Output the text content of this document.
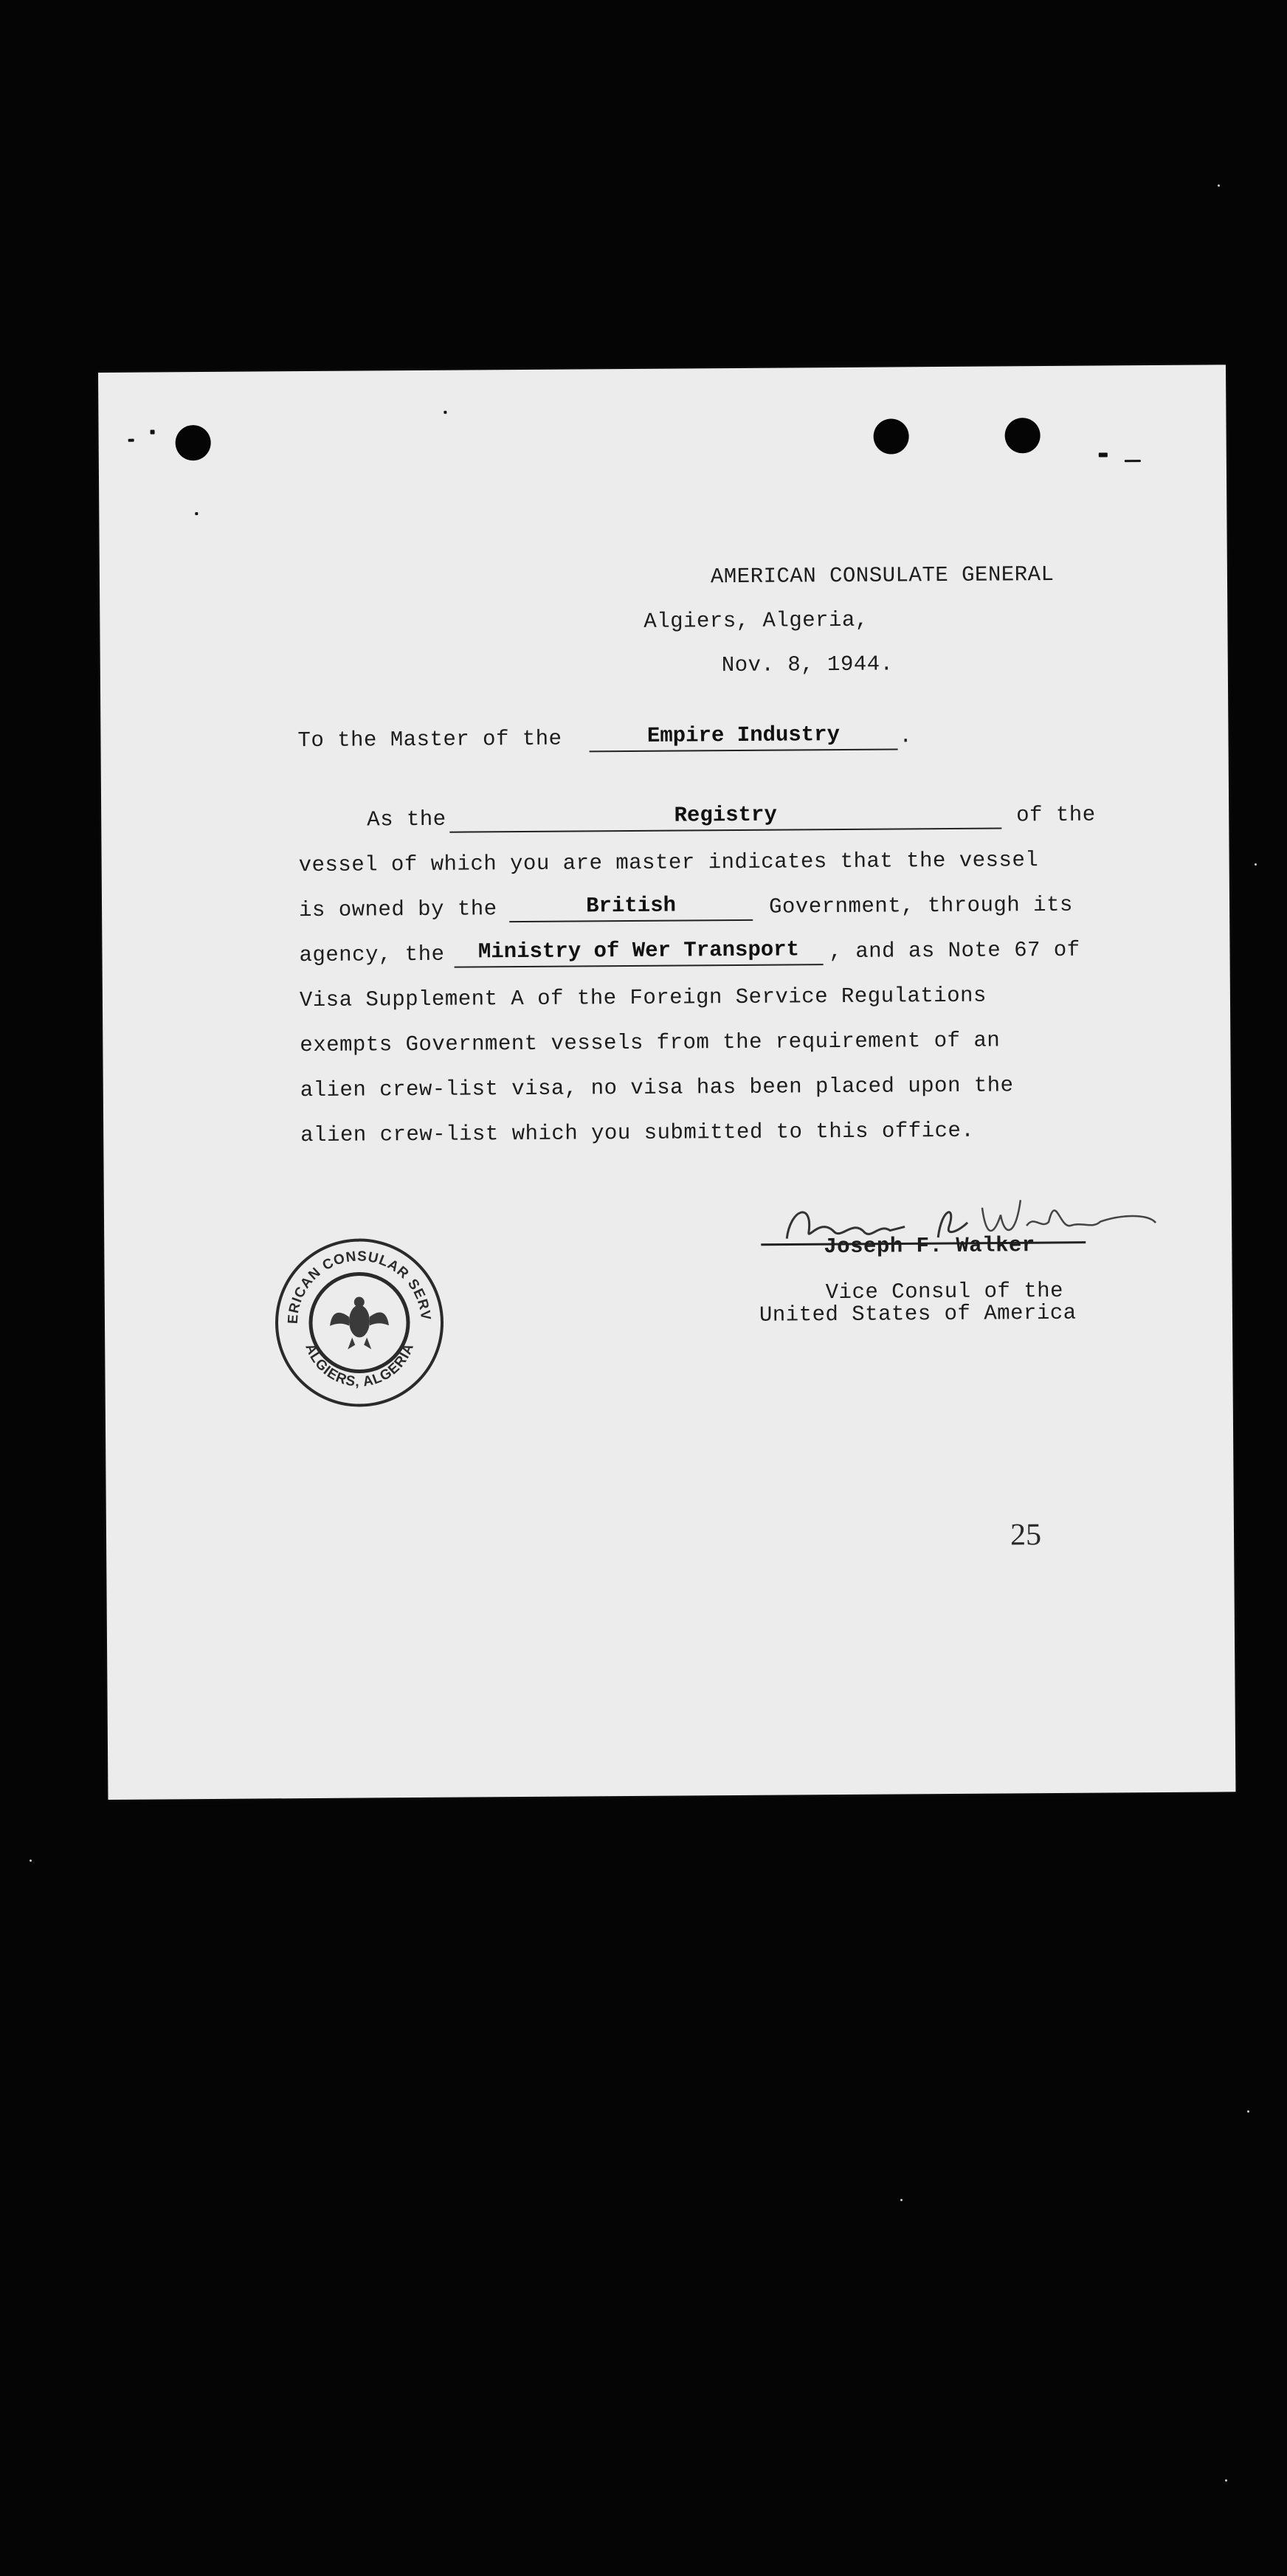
AMERICAN CONSULATE GENERAL
Algiers, Algeria,
Nov. 8, 1944.
To the Master of the	Empire Industry	.
As the	Registry	of the
vessel of which you are master indicates that the vessel
is owned by the	British	Government, through its
agency, the	Ministry of Wer Transport	, and as Note 67 of
Visa Supplement A of the Foreign Service Regulations
exempts Government vessels from the requirement of an
alien crew-list visa, no visa has been placed upon the
alien crew-list which you submitted to this office.
AMERICAN CONSULAR SERVICE
ALGIERS, ALGERIA
Joseph F. Walker
Vice Consul of the
United States of America
25
